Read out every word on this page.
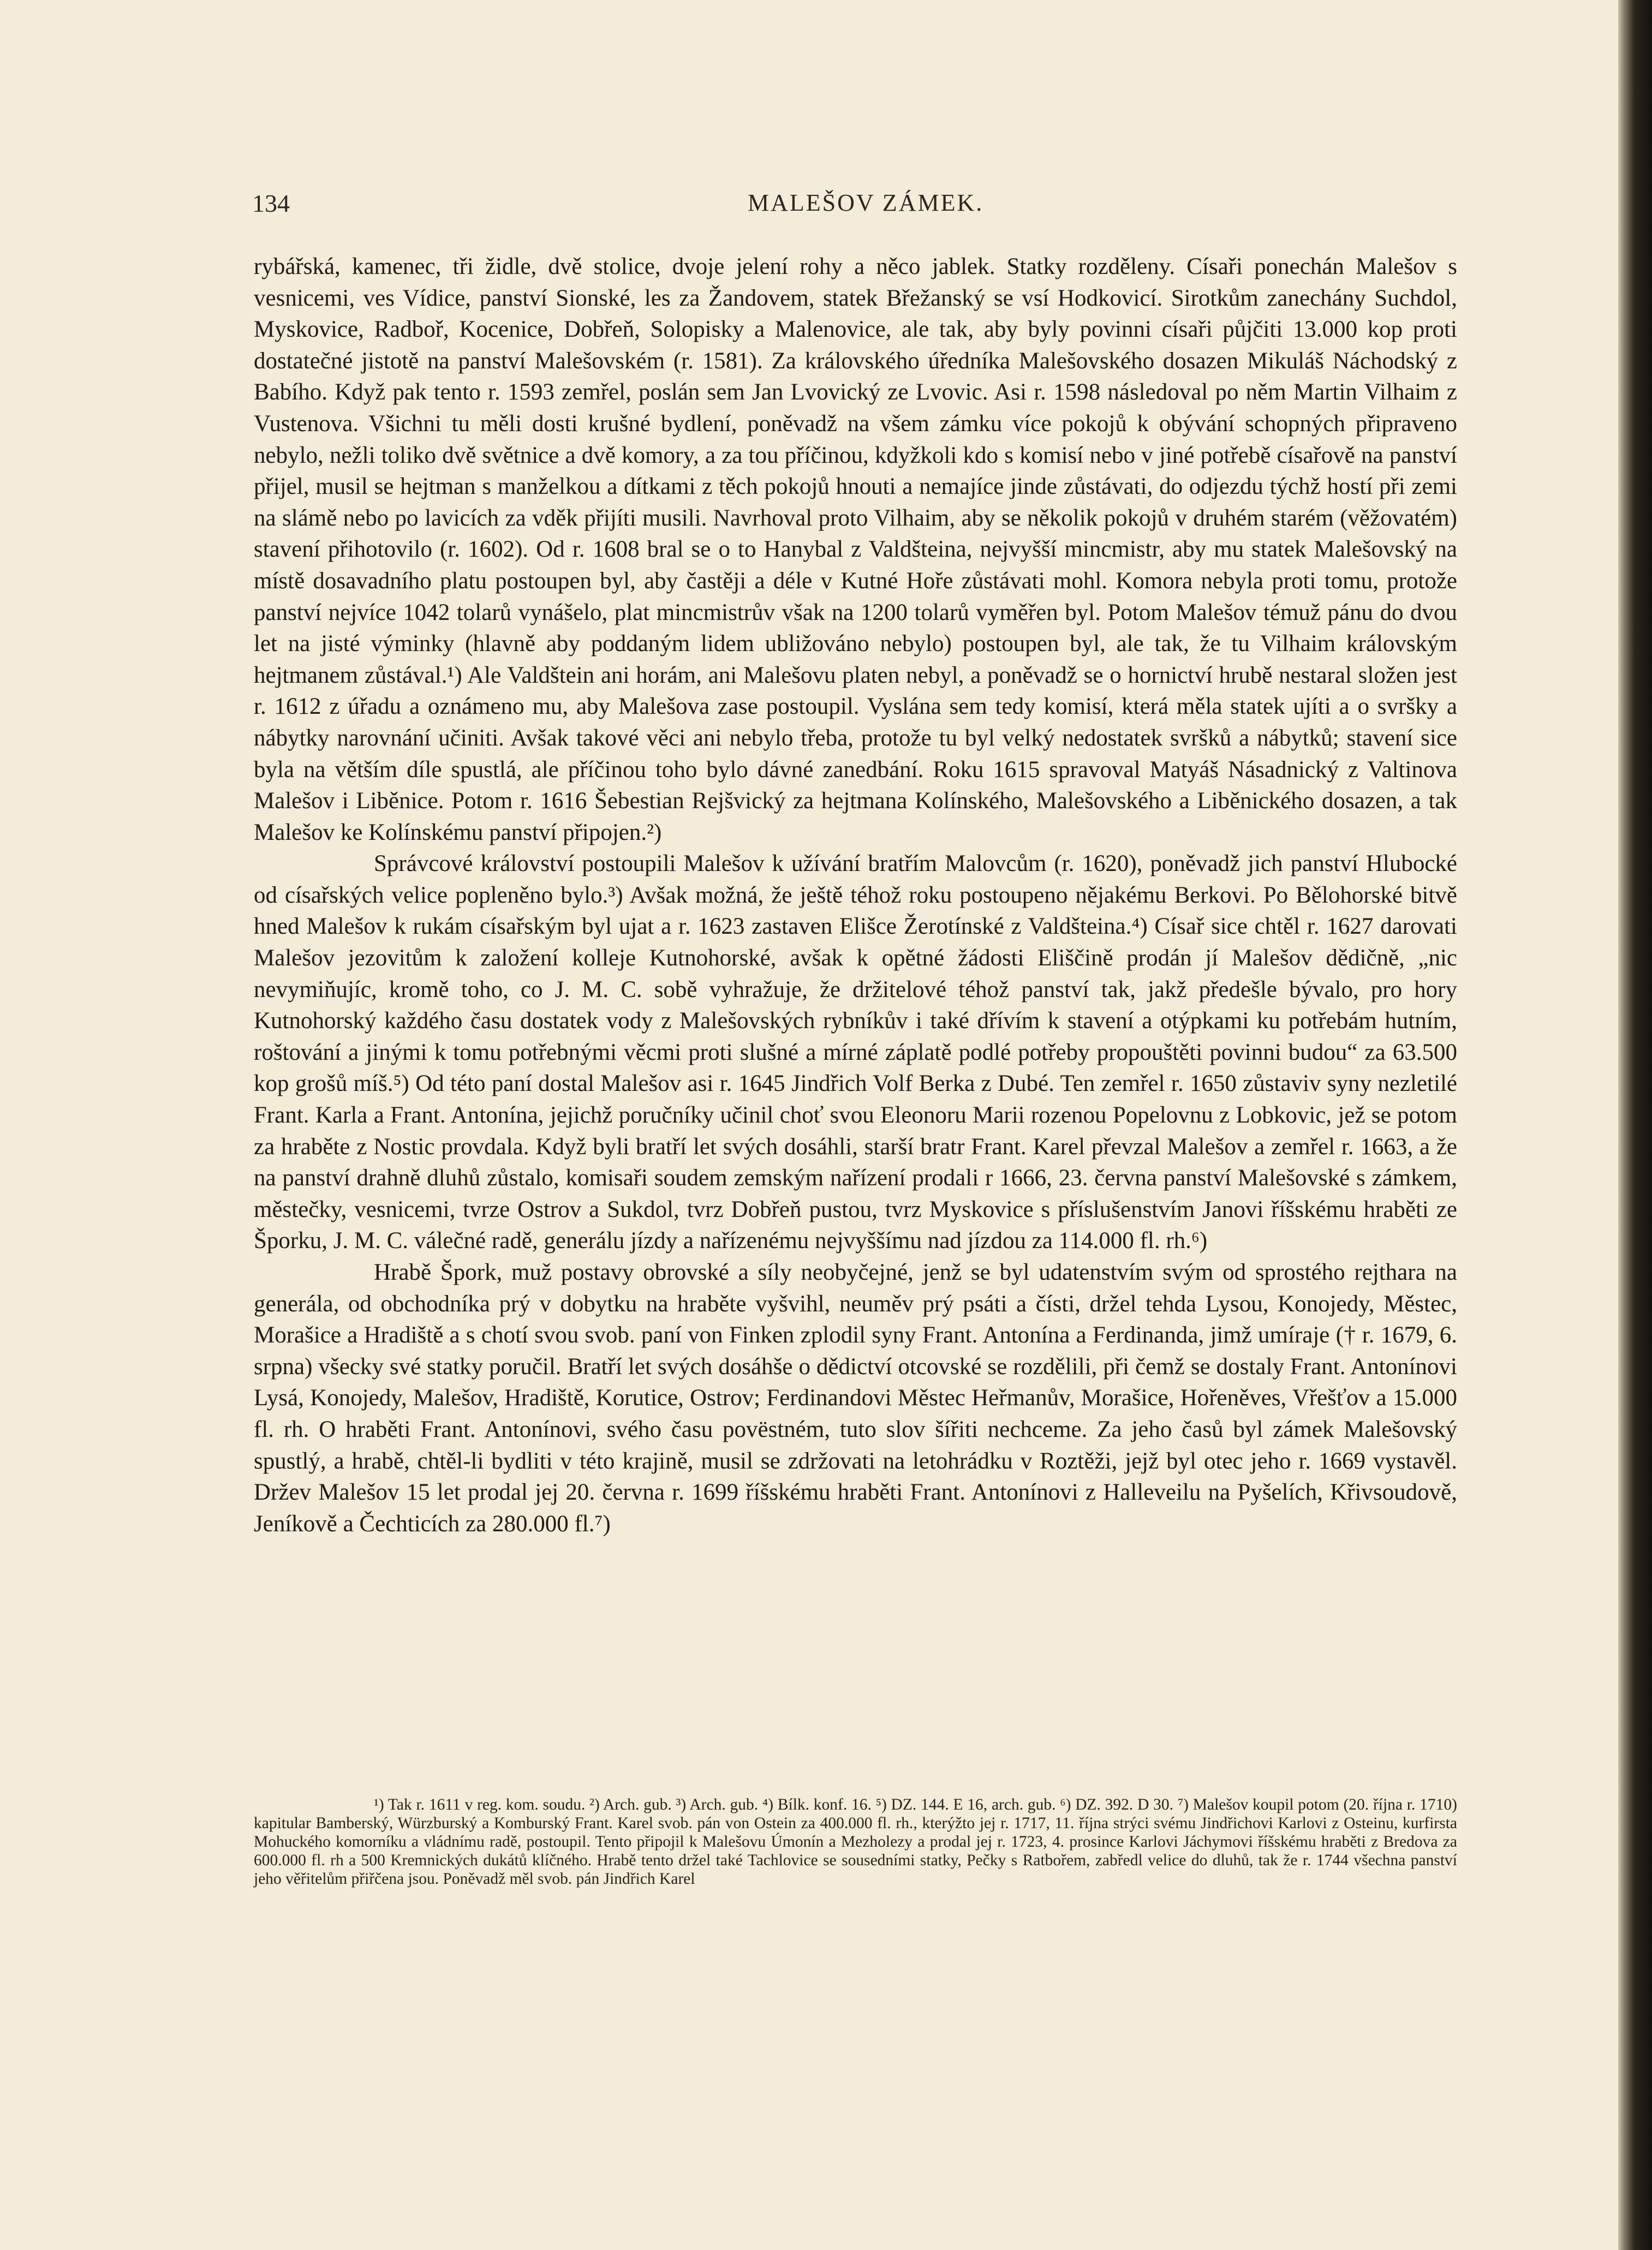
134	MALEŠOV ZÁMEK.

rybářská, kamenec, tři židle, dvě stolice, dvoje jelení rohy a něco jablek. Statky rozděleny. Císaři ponechán Malešov s vesnicemi, ves Vídice, panství Sionské, les za Žandovem, statek Břežanský se vsí Hodkovicí. Sirotkům zanechány Suchdol, Myskovice, Radboř, Kocenice, Dobřeň, Solopisky a Malenovice, ale tak, aby byly povinni císaři půjčiti 13.000 kop proti dostatečné jistotě na panství Malešovském (r. 1581). Za královského úředníka Malešovského dosazen Mikuláš Náchodský z Babího. Když pak tento r. 1593 zemřel, poslán sem Jan Lvovický ze Lvovic. Asi r. 1598 následoval po něm Martin Vilhaim z Vustenova. Všichni tu měli dosti krušné bydlení, poněvadž na všem zámku více pokojů k obývání schopných připraveno nebylo, nežli toliko dvě světnice a dvě komory, a za tou příčinou, kdyžkoli kdo s komisí nebo v jiné potřebě císařově na panství přijel, musil se hejtman s manželkou a dítkami z těch pokojů hnouti a nemajíce jinde zůstávati, do odjezdu týchž hostí při zemi na slámě nebo po lavicích za vděk přijíti musili. Navrhoval proto Vilhaim, aby se několik pokojů v druhém starém (věžovatém) stavení přihotovilo (r. 1602). Od r. 1608 bral se o to Hanybal z Valdšteina, nejvyšší mincmistr, aby mu statek Malešovský na místě dosavadního platu postoupen byl, aby častěji a déle v Kutné Hoře zůstávati mohl. Komora nebyla proti tomu, protože panství nejvíce 1042 tolarů vynášelo, plat mincmistrův však na 1200 tolarů vyměřen byl. Potom Malešov témuž pánu do dvou let na jisté výminky (hlavně aby poddaným lidem ubližováno nebylo) postoupen byl, ale tak, že tu Vilhaim královským hejtmanem zůstával.¹) Ale Valdštein ani horám, ani Malešovu platen nebyl, a poněvadž se o hornictví hrubě nestaral složen jest r. 1612 z úřadu a oznámeno mu, aby Malešova zase postoupil. Vyslána sem tedy komisí, která měla statek ujíti a o svršky a nábytky narovnání učiniti. Avšak takové věci ani nebylo třeba, protože tu byl velký nedostatek svršků a nábytků; stavení sice byla na větším díle spustlá, ale příčinou toho bylo dávné zanedbání. Roku 1615 spravoval Matyáš Násadnický z Valtinova Malešov i Liběnice. Potom r. 1616 Šebestian Rejšvický za hejtmana Kolínského, Malešovského a Liběnického dosazen, a tak Malešov ke Kolínskému panství připojen.²)

Správcové království postoupili Malešov k užívání bratřím Malovcům (r. 1620), poněvadž jich panství Hlubocké od císařských velice popleněno bylo.³) Avšak možná, že ještě téhož roku postoupeno nějakému Berkovi. Po Bělohorské bitvě hned Malešov k rukám císařským byl ujat a r. 1623 zastaven Elišce Žerotínské z Valdšteina.⁴) Císař sice chtěl r. 1627 darovati Malešov jezovitům k založení kolleje Kutnohorské, avšak k opětné žádosti Eliščině prodán jí Malešov dědičně, „nic nevymiňujíc, kromě toho, co J. M. C. sobě vyhražuje, že držitelové téhož panství tak, jakž předešle bývalo, pro hory Kutnohorský každého času dostatek vody z Malešovských rybníkův i také dřívím k stavení a otýpkami ku potřebám hutním, roštování a jinými k tomu potřebnými věcmi proti slušné a mírné záplatě podlé potřeby propouštěti povinni budou“ za 63.500 kop grošů míš.⁵) Od této paní dostal Malešov asi r. 1645 Jindřich Volf Berka z Dubé. Ten zemřel r. 1650 zůstaviv syny nezletilé Frant. Karla a Frant. Antonína, jejichž poručníky učinil choť svou Eleonoru Marii rozenou Popelovnu z Lobkovic, jež se potom za hraběte z Nostic provdala. Když byli bratří let svých dosáhli, starší bratr Frant. Karel převzal Malešov a zemřel r. 1663, a že na panství drahně dluhů zůstalo, komisaři soudem zemským nařízení prodali r 1666, 23. června panství Malešovské s zámkem, městečky, vesnicemi, tvrze Ostrov a Sukdol, tvrz Dobřeň pustou, tvrz Myskovice s příslušenstvím Janovi říšskému hraběti ze Šporku, J. M. C. válečné radě, generálu jízdy a nařízenému nejvyššímu nad jízdou za 114.000 fl. rh.⁶)

Hrabě Špork, muž postavy obrovské a síly neobyčejné, jenž se byl udatenstvím svým od sprostého rejthara na generála, od obchodníka prý v dobytku na hraběte vyšvihl, neuměv prý psáti a čísti, držel tehda Lysou, Konojedy, Městec, Morašice a Hradiště a s chotí svou svob. paní von Finken zplodil syny Frant. Antonína a Ferdinanda, jimž umíraje († r. 1679, 6. srpna) všecky své statky poručil. Bratří let svých dosáhše o dědictví otcovské se rozdělili, při čemž se dostaly Frant. Antonínovi Lysá, Konojedy, Malešov, Hradiště, Korutice, Ostrov; Ferdinandovi Městec Heřmanův, Morašice, Hořeněves, Vřešťov a 15.000 fl. rh. O hraběti Frant. Antonínovi, svého času povëstném, tuto slov šířiti nechceme. Za jeho časů byl zámek Malešovský spustlý, a hrabě, chtěl-li bydliti v této krajině, musil se zdržovati na letohrádku v Roztěži, jejž byl otec jeho r. 1669 vystavěl. Držev Malešov 15 let prodal jej 20. června r. 1699 říšskému hraběti Frant. Antonínovi z Halleveilu na Pyšelích, Křivsoudově, Jeníkově a Čechticích za 280.000 fl.⁷)

¹) Tak r. 1611 v reg. kom. soudu. ²) Arch. gub. ³) Arch. gub. ⁴) Bílk. konf. 16. ⁵) DZ. 144. E 16, arch. gub. ⁶) DZ. 392. D 30. ⁷) Malešov koupil potom (20. října r. 1710) kapitular Bamberský, Würzburský a Komburský Frant. Karel svob. pán von Ostein za 400.000 fl. rh., kterýžto jej r. 1717, 11. října strýci svému Jindřichovi Karlovi z Osteinu, kurfirsta Mohuckého komorníku a vládnímu radě, postoupil. Tento připojil k Malešovu Úmonín a Mezholezy a prodal jej r. 1723, 4. prosince Karlovi Jáchymovi říšskému hraběti z Bredova za 600.000 fl. rh a 500 Kremnických dukátů klíčného. Hrabě tento držel také Tachlovice se sousedními statky, Pečky s Ratbořem, zabředl velice do dluhů, tak že r. 1744 všechna panství jeho věřitelům přiřčena jsou. Poněvadž měl svob. pán Jindřich Karel
